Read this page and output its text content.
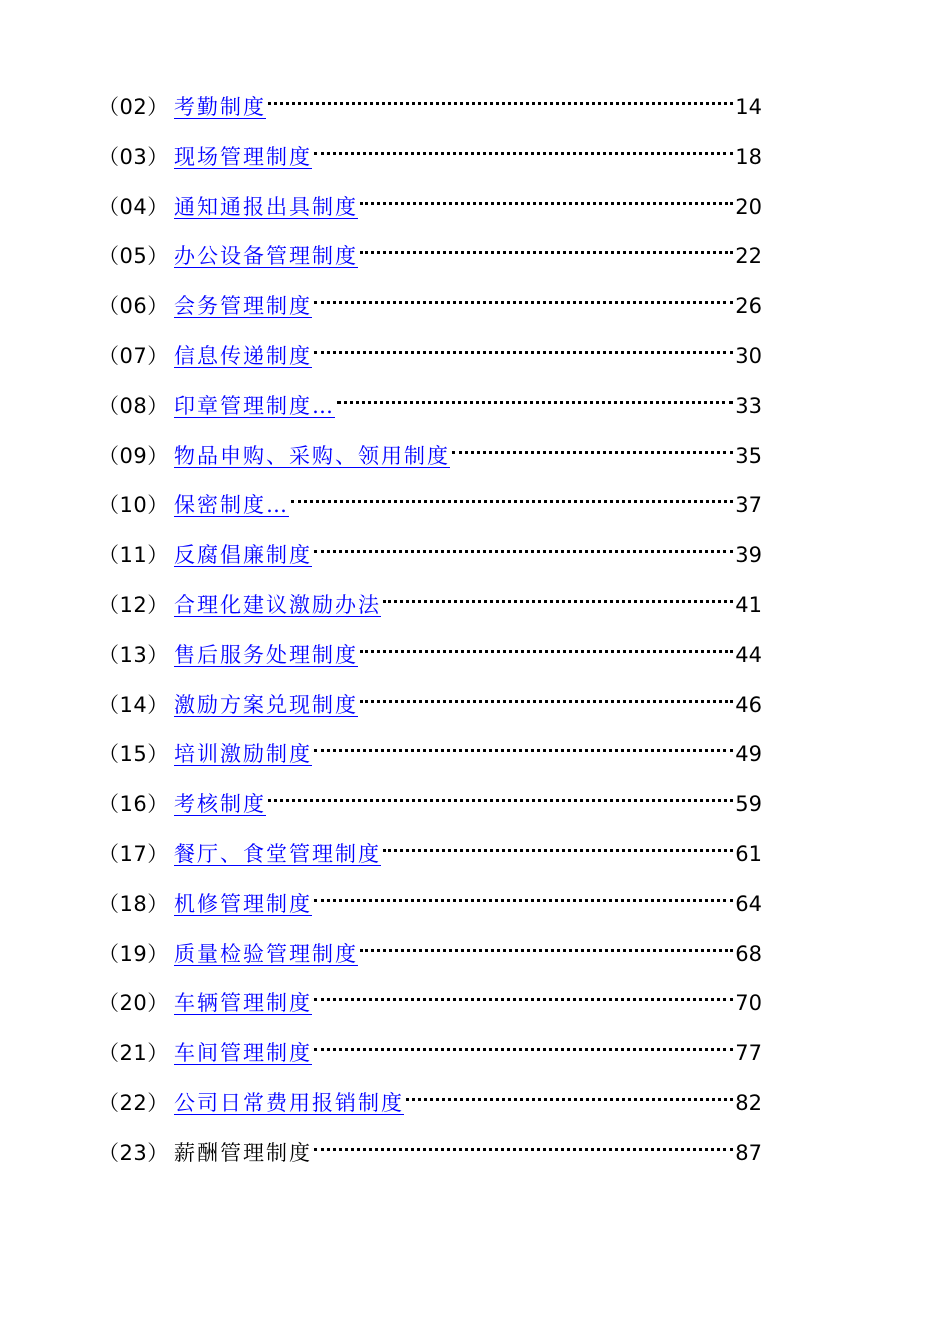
（02） 考勤制度	14
（03） 现场管理制度	18
（04） 通知通报出具制度	20
（05） 办公设备管理制度	22
（06） 会务管理制度	26
（07） 信息传递制度	30
（08） 印章管理制度…	33
（09） 物品申购、采购、领用制度	35
（10） 保密制度…	37
（11） 反腐倡廉制度	39
（12） 合理化建议激励办法	41
（13） 售后服务处理制度	44
（14） 激励方案兑现制度	46
（15） 培训激励制度	49
（16） 考核制度	59
（17） 餐厅、食堂管理制度	61
（18） 机修管理制度	64
（19） 质量检验管理制度	68
（20） 车辆管理制度	70
（21） 车间管理制度	77
（22） 公司日常费用报销制度	82
（23） 薪酬管理制度	87
